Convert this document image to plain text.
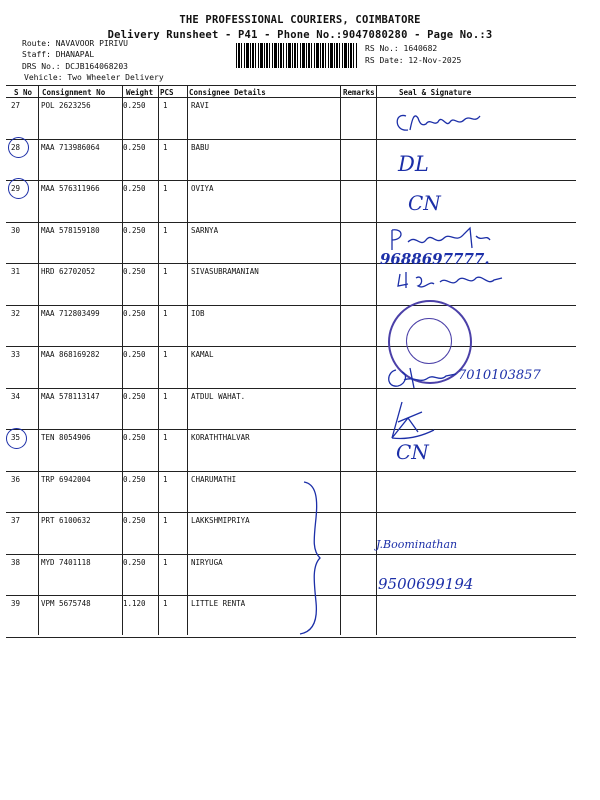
THE PROFESSIONAL COURIERS, COIMBATORE
Delivery Runsheet - P41 - Phone No.:9047080280 - Page No.:3
Route: NAVAVOOR PIRIVU
Staff: DHANAPAL
DRS No.: DCJB164068203
Vehicle: Two Wheeler Delivery
RS No.: 1640682
RS Date: 12-Nov-2025
S No Consignment No	Weight PCS Consignee Details	Remarks	Seal & Signature
27	POL 2623256	0.250 1	RAVI
28	MAA 713986064	0.250 1	BABU
29	MAA 576311966	0.250 1	OVIYA
30	MAA 578159180	0.250 1	SARNYA
31	HRD 62702052	0.250 1	SIVASUBRAMANIAN
32	MAA 712803499	0.250 1	IOB
33	MAA 868169282	0.250 1	KAMAL
34	MAA 578113147	0.250 1	ATDUL WAHAT.
35	TEN 8054906	0.250 1	KORATHTHALVAR
36	TRP 6942004	0.250 1	CHARUMATHI
37	PRT 6100632	0.250 1	LAKKSHMIPRIYA
38	MYD 7401118	0.250 1	NIRYUGA
39	VPM 5675748	1.120 1	LITTLE RENTA
DL
CN
9688697777.
7010103857
CN
J.Boominathan
9500699194
